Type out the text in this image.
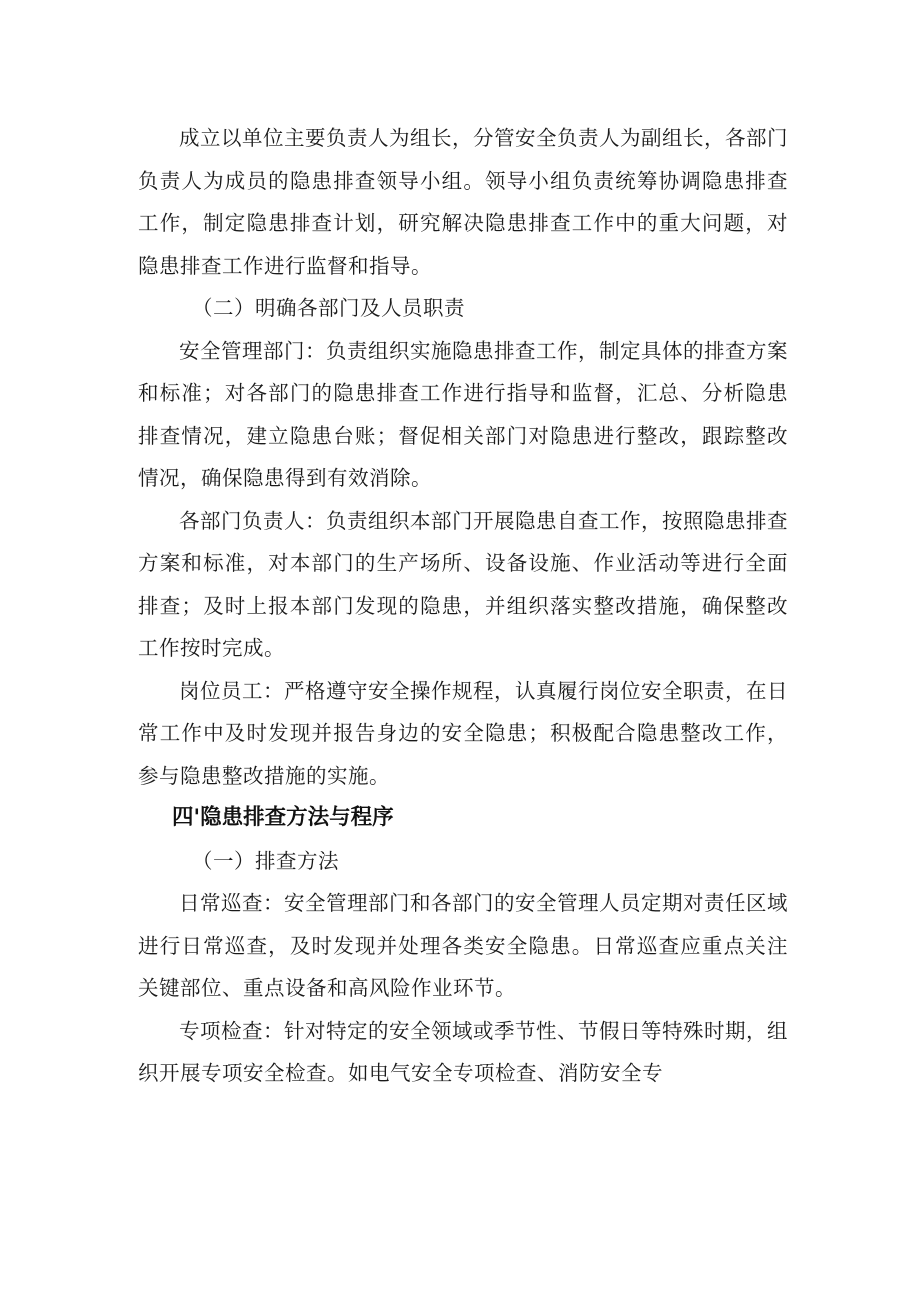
成立以单位主要负责人为组长，分管安全负责人为副组长，各部门负责人为成员的隐患排查领导小组。领导小组负责统筹协调隐患排查工作，制定隐患排查计划，研究解决隐患排查工作中的重大问题，对隐患排查工作进行监督和指导。

（二）明确各部门及人员职责

安全管理部门：负责组织实施隐患排查工作，制定具体的排查方案和标准；对各部门的隐患排查工作进行指导和监督，汇总、分析隐患排查情况，建立隐患台账；督促相关部门对隐患进行整改，跟踪整改情况，确保隐患得到有效消除。

各部门负责人：负责组织本部门开展隐患自查工作，按照隐患排查方案和标准，对本部门的生产场所、设备设施、作业活动等进行全面排查；及时上报本部门发现的隐患，并组织落实整改措施，确保整改工作按时完成。

岗位员工：严格遵守安全操作规程，认真履行岗位安全职责，在日常工作中及时发现并报告身边的安全隐患；积极配合隐患整改工作，参与隐患整改措施的实施。

四'隐患排查方法与程序

（一）排查方法

日常巡查：安全管理部门和各部门的安全管理人员定期对责任区域进行日常巡查，及时发现并处理各类安全隐患。日常巡查应重点关注关键部位、重点设备和高风险作业环节。

专项检查：针对特定的安全领域或季节性、节假日等特殊时期，组织开展专项安全检查。如电气安全专项检查、消防安全专
